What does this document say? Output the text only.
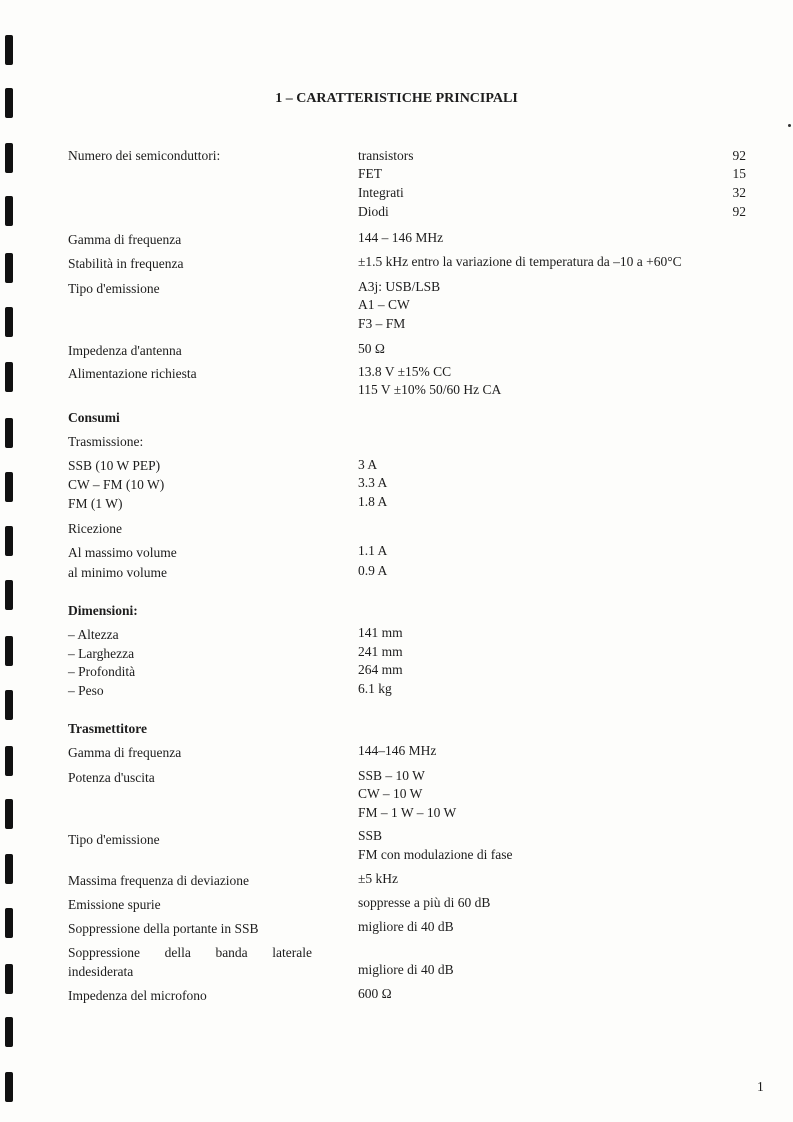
1 – CARATTERISTICHE PRINCIPALI
Numero dei semiconduttori:	transistors	92
FET	15
Integrati	32
Diodi	92
Gamma di frequenza	144 – 146 MHz
Stabilità in frequenza	±1.5 kHz entro la variazione di temperatura da –10 a +60°C
Tipo d'emissione	A3j: USB/LSB
A1 – CW
F3 – FM
Impedenza d'antenna	50 Ω
Alimentazione richiesta	13.8 V ±15% CC
115 V ±10% 50/60 Hz CA
Consumi
Trasmissione:
SSB (10 W PEP)	3 A
CW – FM (10 W)	3.3 A
FM (1 W)	1.8 A
Ricezione
Al massimo volume	1.1 A
al minimo volume	0.9 A
Dimensioni:
– Altezza	141 mm
– Larghezza	241 mm
– Profondità	264 mm
– Peso	6.1 kg
Trasmettitore
Gamma di frequenza	144–146 MHz
Potenza d'uscita	SSB – 10 W
CW – 10 W
FM – 1 W – 10 W
Tipo d'emissione	SSB
FM con modulazione di fase
Massima frequenza di deviazione	±5 kHz
Emissione spurie	soppresse a più di 60 dB
Soppressione della portante in SSB	migliore di 40 dB
Soppressione della banda laterale
indesiderata	migliore di 40 dB
Impedenza del microfono	600 Ω
1
